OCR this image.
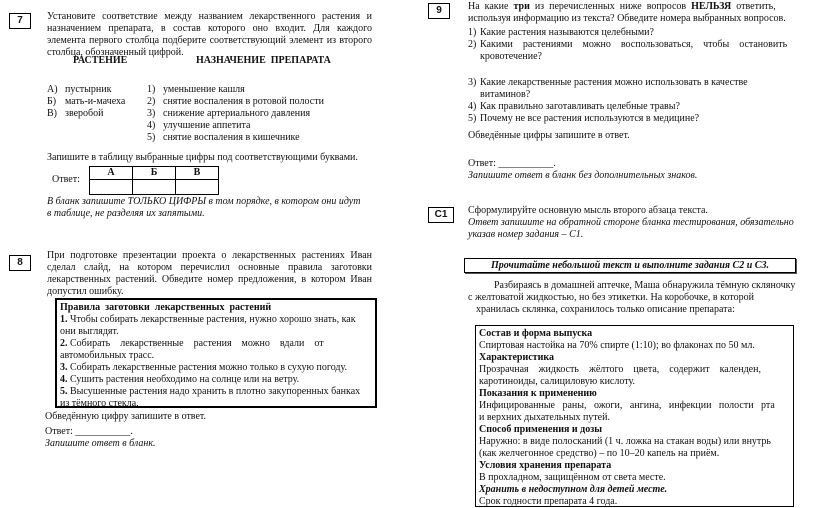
7	Установите соответствие между названием лекарственного растения и
назначением препарата, в состав которого оно входит. Для каждого
элемента первого столбца подберите соответствующий элемент из второго
столбца, обозначенный цифрой.
РАСТЕНИЕ	НАЗНАЧЕНИЕ  ПРЕПАРАТА
А) пустырник
Б) мать-и-мачеха
В) зверобой
1) уменьшение кашля
2) снятие воспаления в ротовой полости
3) снижение артериального давления
4) улучшение аппетита
5) снятие воспаления в кишечнике
Запишите в таблицу выбранные цифры под соответствующими буквами.
Ответ:
А	Б	В

В бланк запишите ТОЛЬКО ЦИФРЫ в том порядке, в котором они идут
в таблице, не разделяя их запятыми.
8
При подготовке презентации проекта о лекарственных растениях Иван
сделал слайд, на котором перечислил основные правила заготовки
лекарственных растений. Обведите номер предложения, в котором Иван
допустил ошибку.
Правила  заготовки  лекарственных  растений
1. Чтобы собирать лекарственные растения, нужно хорошо знать, как
они выглядят.
2. Собирать    лекарственные    растения    можно    вдали    от
автомобильных трасс.
3. Собирать лекарственные растения можно только в сухую погоду.
4. Сушить растения необходимо на солнце или на ветру.
5. Высушенные растения надо хранить в плотно закупоренных банках
из тёмного стекла.
Обведённую цифру запишите в ответ.
Ответ: ___________.
Запишите ответ в бланк.
9	На  какие  три  из  перечисленных  ниже  вопросов  НЕЛЬЗЯ  ответить,
используя информацию из текста? Обведите номера выбранных вопросов.
1) Какие растения называются целебными?
2) Какими    растениями    можно    воспользоваться,    чтобы    остановить
кровотечение?
3) Какие лекарственные растения можно использовать в качестве
витаминов?
4) Как правильно заготавливать целебные травы?
5) Почему не все растения используются в медицине?
Обведённые цифры запишите в ответ.
Ответ: ___________.
Запишите ответ в бланк без дополнительных знаков.
С1	Сформулируйте основную мысль второго абзаца текста.
Ответ запишите на обратной стороне бланка тестирования, обязательно
указав номер задания – С1.
Прочитайте небольшой текст и выполните задания С2 и С3.
Разбираясь в домашней аптечке, Маша обнаружила тёмную скляночку
с желтоватой жидкостью, но без этикетки. На коробочке, в которой
хранилась склянка, сохранилось только описание препарата:
Состав и форма выпуска
Спиртовая настойка на 70% спирте (1:10); во флаконах по 50 мл.
Характеристика
Прозрачная    жидкость    жёлтого    цвета,    содержит    календен,
каротиноиды, салициловую кислоту.
Показания к применению
Инфицированные   раны,   ожоги,   ангина,   инфекции   полости   рта
и верхних дыхательных путей.
Способ применения и дозы
Наружно: в виде полосканий (1 ч. ложка на стакан воды) или внутрь
(как желчегонное средство) – по 10–20 капель на приём.
Условия хранения препарата
В прохладном, защищённом от света месте.
Хранить в недоступном для детей месте.
Срок годности препарата 4 года.
